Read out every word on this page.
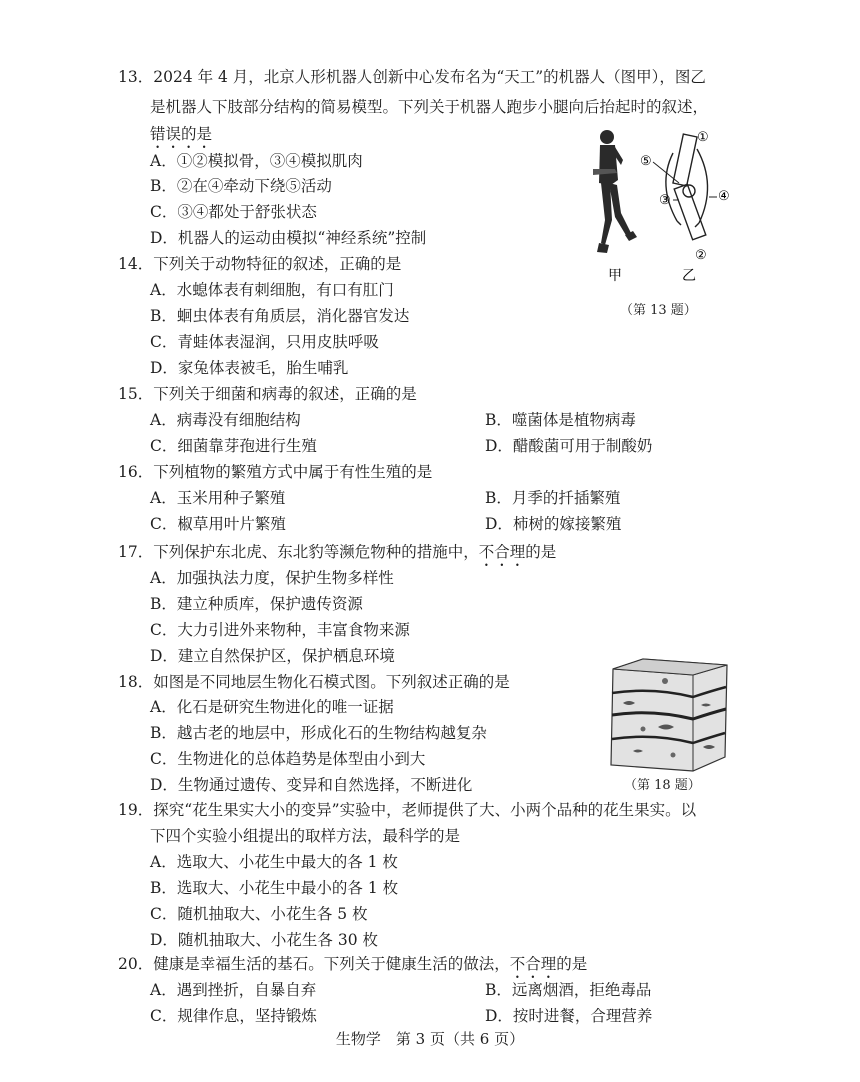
13．2024 年 4 月，北京人形机器人创新中心发布名为“天工”的机器人（图甲），图乙
是机器人下肢部分结构的简易模型。下列关于机器人跑步小腿向后抬起时的叙述，
错误的是
A．①②模拟骨，③④模拟肌肉
B．②在④牵动下绕⑤活动
C．③④都处于舒张状态
D．机器人的运动由模拟“神经系统”控制
甲
①
②
③	④
⑤
乙
（第 13 题）
14．下列关于动物特征的叙述，正确的是
A．水螅体表有刺细胞，有口有肛门
B．蛔虫体表有角质层，消化器官发达
C．青蛙体表湿润，只用皮肤呼吸
D．家兔体表被毛，胎生哺乳
15．下列关于细菌和病毒的叙述，正确的是
A．病毒没有细胞结构	B．噬菌体是植物病毒
C．细菌靠芽孢进行生殖	D．醋酸菌可用于制酸奶
16．下列植物的繁殖方式中属于有性生殖的是
A．玉米用种子繁殖	B．月季的扦插繁殖
C．椒草用叶片繁殖	D．柿树的嫁接繁殖
17．下列保护东北虎、东北豹等濒危物种的措施中，不合理的是
A．加强执法力度，保护生物多样性
B．建立种质库，保护遗传资源
C．大力引进外来物种，丰富食物来源
D．建立自然保护区，保护栖息环境
18．如图是不同地层生物化石模式图。下列叙述正确的是
A．化石是研究生物进化的唯一证据
B．越古老的地层中，形成化石的生物结构越复杂
C．生物进化的总体趋势是体型由小到大
D．生物通过遗传、变异和自然选择，不断进化	（第 18 题）
19．探究“花生果实大小的变异”实验中，老师提供了大、小两个品种的花生果实。以
下四个实验小组提出的取样方法，最科学的是
A．选取大、小花生中最大的各 1 枚
B．选取大、小花生中最小的各 1 枚
C．随机抽取大、小花生各 5 枚
D．随机抽取大、小花生各 30 枚
20．健康是幸福生活的基石。下列关于健康生活的做法，不合理的是
A．遇到挫折，自暴自弃	B．远离烟酒，拒绝毒品
C．规律作息，坚持锻炼	D．按时进餐，合理营养
生物学　第 3 页（共 6 页）
